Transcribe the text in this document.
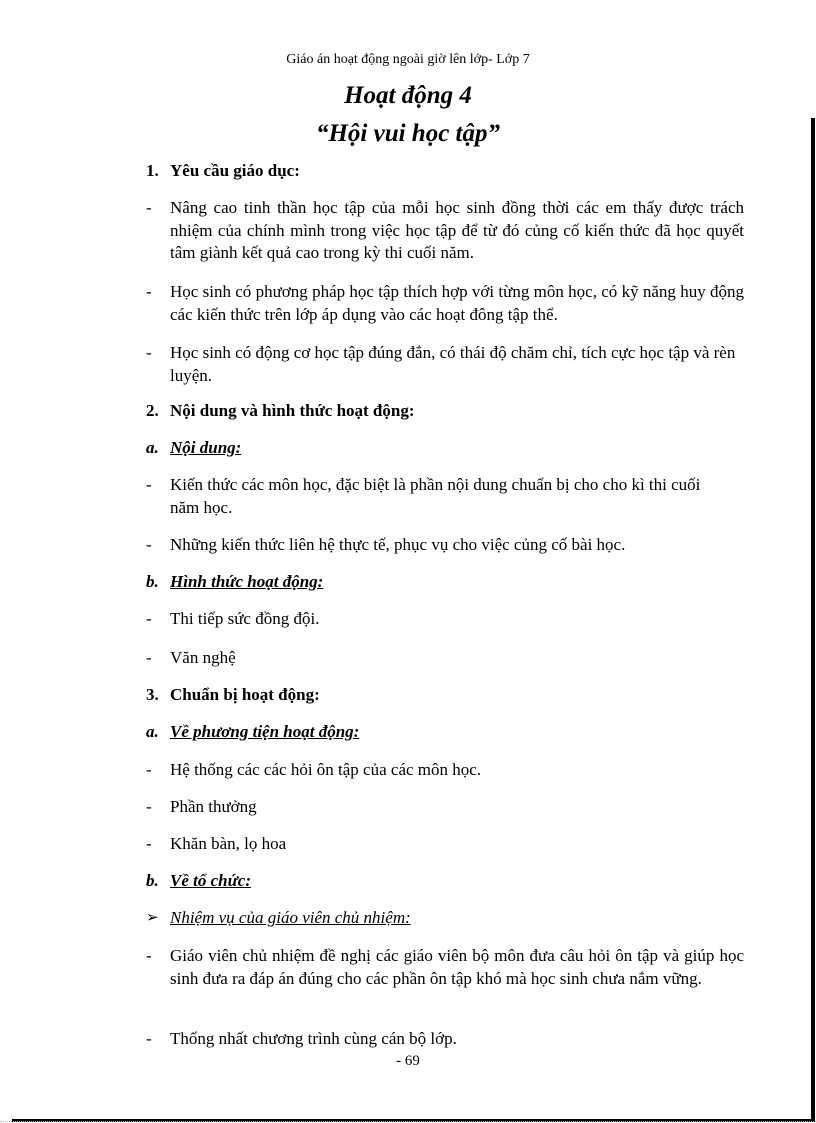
Giáo án hoạt động ngoài giờ lên lớp- Lớp 7
Hoạt động 4
“Hội vui học tập”
1. Yêu cầu giáo dục:
- Nâng cao tinh thần học tập của mỗi học sinh đồng thời các em thấy được trách nhiệm của chính mình trong việc học tập để từ đó củng cố kiến thức đã học quyết tâm giành kết quả cao trong kỳ thi cuối năm.
- Học sinh có phương pháp học tập thích hợp với từng môn học, có kỹ năng huy động các kiến thức trên lớp áp dụng vào các hoạt đông tập thể.
- Học sinh có động cơ học tập đúng đắn, có thái độ chăm chỉ, tích cực học tập và rèn luyện.
2. Nội dung và hình thức hoạt động:
a. Nội dung:
- Kiến thức các môn học, đặc biệt là phần nội dung chuẩn bị cho cho kì thi cuối năm học.
- Những kiến thức liên hệ thực tế, phục vụ cho việc củng cố bài học.
b. Hình thức hoạt động:
- Thi tiếp sức đồng đội.
- Văn nghệ
3. Chuẩn bị hoạt động:
a. Về phương tiện hoạt động:
- Hệ thống các các hỏi ôn tập của các môn học.
- Phần thưởng
- Khăn bàn, lọ hoa
b. Về tổ chức:
➢ Nhiệm vụ của giáo viên chủ nhiệm:
- Giáo viên chủ nhiệm đề nghị các giáo viên bộ môn đưa câu hỏi ôn tập và giúp học sinh đưa ra đáp án đúng cho các phần ôn tập khó mà học sinh chưa nắm vững.
- Thống nhất chương trình cùng cán bộ lớp.
- 69
